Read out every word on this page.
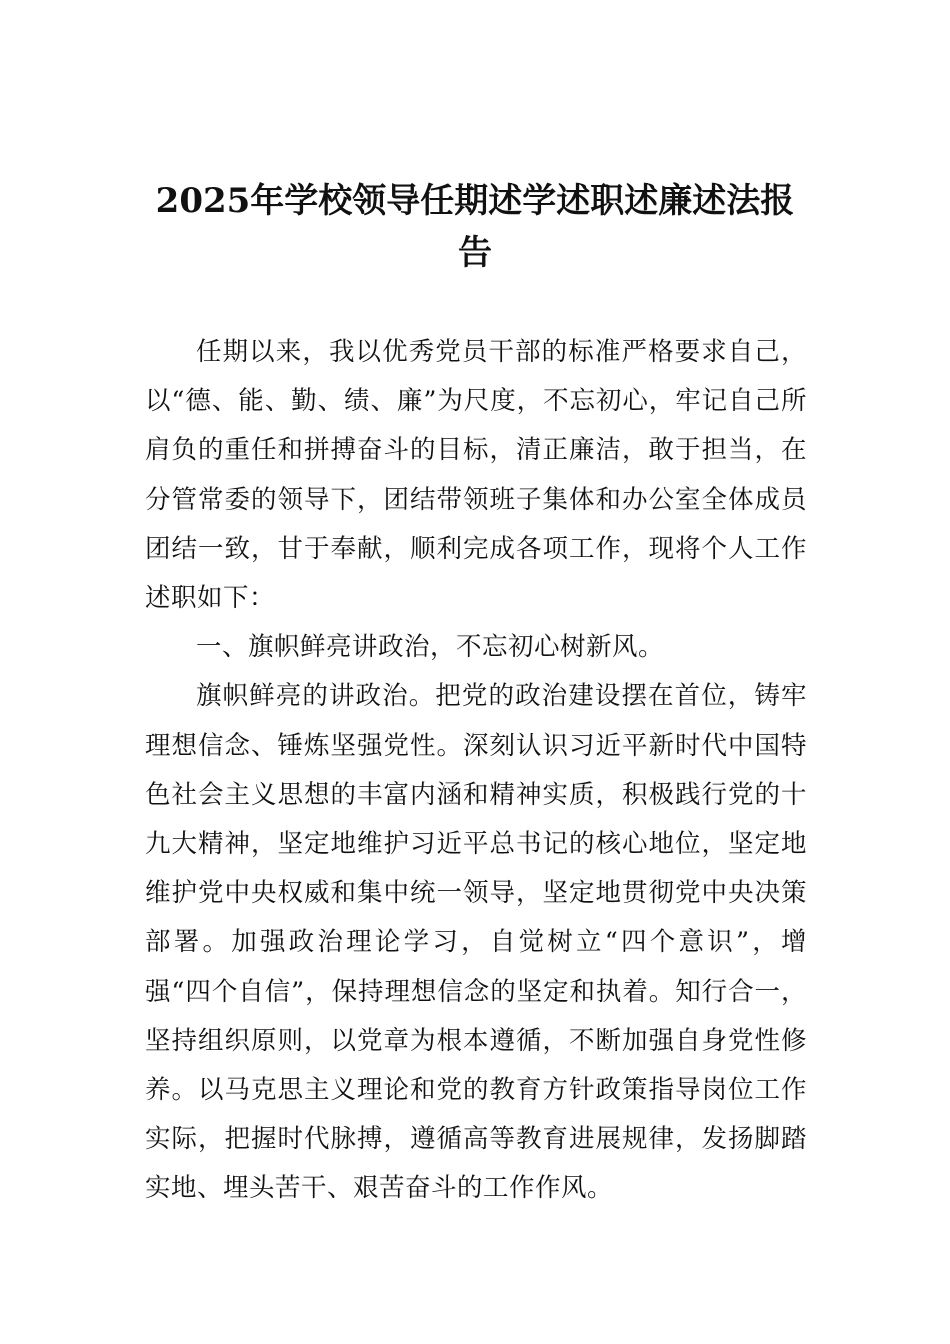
2025年学校领导任期述学述职述廉述法报告

任期以来，我以优秀党员干部的标准严格要求自己，以“德、能、勤、绩、廉”为尺度，不忘初心，牢记自己所肩负的重任和拼搏奋斗的目标，清正廉洁，敢于担当，在分管常委的领导下，团结带领班子集体和办公室全体成员团结一致，甘于奉献，顺利完成各项工作，现将个人工作述职如下：

一、旗帜鲜亮讲政治，不忘初心树新风。

旗帜鲜亮的讲政治。把党的政治建设摆在首位，铸牢理想信念、锤炼坚强党性。深刻认识习近平新时代中国特色社会主义思想的丰富内涵和精神实质，积极践行党的十九大精神，坚定地维护习近平总书记的核心地位，坚定地维护党中央权威和集中统一领导，坚定地贯彻党中央决策部署。加强政治理论学习，自觉树立“四个意识”，增强“四个自信”，保持理想信念的坚定和执着。知行合一，坚持组织原则，以党章为根本遵循，不断加强自身党性修养。以马克思主义理论和党的教育方针政策指导岗位工作实际，把握时代脉搏，遵循高等教育进展规律，发扬脚踏实地、埋头苦干、艰苦奋斗的工作作风。
